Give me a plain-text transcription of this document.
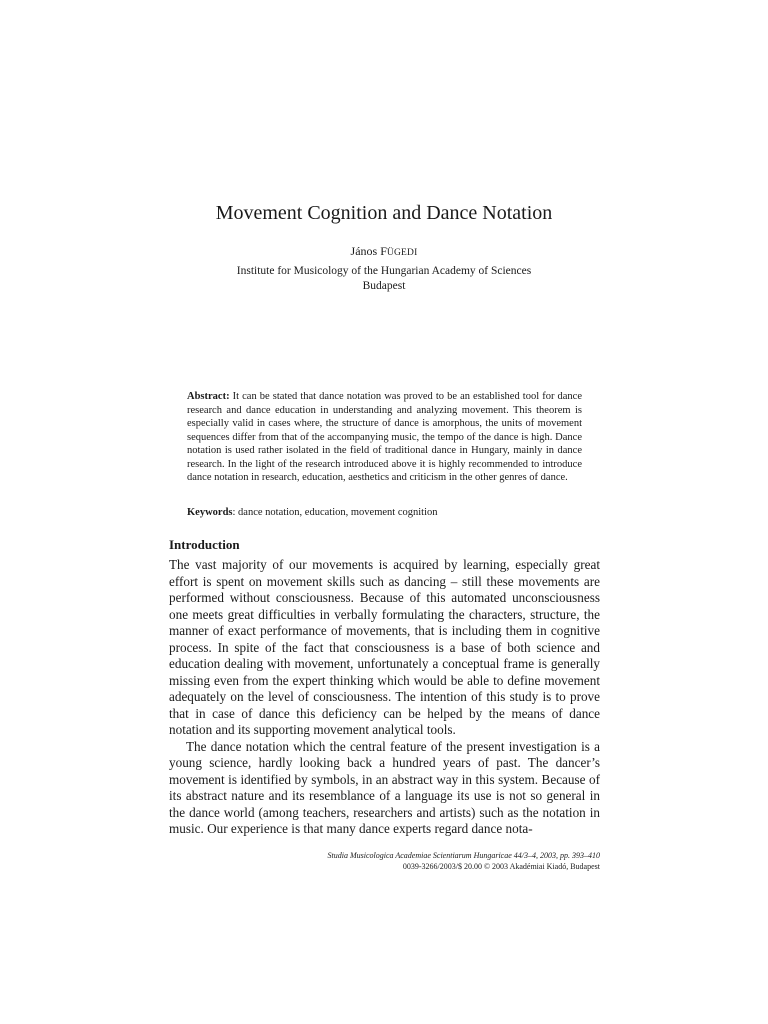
Movement Cognition and Dance Notation
János FÜGEDI
Institute for Musicology of the Hungarian Academy of Sciences
Budapest
Abstract: It can be stated that dance notation was proved to be an established tool for dance research and dance education in understanding and analyzing movement. This theorem is especially valid in cases where, the structure of dance is amorphous, the units of movement sequences differ from that of the accompanying music, the tempo of the dance is high. Dance notation is used rather isolated in the field of traditional dance in Hungary, mainly in dance research. In the light of the research introduced above it is highly recommended to introduce dance notation in research, education, aesthetics and criticism in the other genres of dance.
Keywords: dance notation, education, movement cognition
Introduction

The vast majority of our movements is acquired by learning, especially great effort is spent on movement skills such as dancing – still these movements are performed without consciousness. Because of this automated unconsciousness one meets great difficulties in verbally formulating the characters, structure, the manner of exact performance of movements, that is including them in cognitive process. In spite of the fact that consciousness is a base of both science and education dealing with movement, unfortunately a conceptual frame is generally missing even from the expert thinking which would be able to define movement adequately on the level of consciousness. The intention of this study is to prove that in case of dance this deficiency can be helped by the means of dance notation and its supporting movement analytical tools.

The dance notation which the central feature of the present investigation is a young science, hardly looking back a hundred years of past. The dancer’s movement is identified by symbols, in an abstract way in this system. Because of its abstract nature and its resemblance of a language its use is not so general in the dance world (among teachers, researchers and artists) such as the notation in music. Our experience is that many dance experts regard dance nota-

Studia Musicologica Academiae Scientiarum Hungaricae 44/3–4, 2003, pp. 393–410
0039-3266/2003/$ 20.00 © 2003 Akadémiai Kiadó, Budapest
